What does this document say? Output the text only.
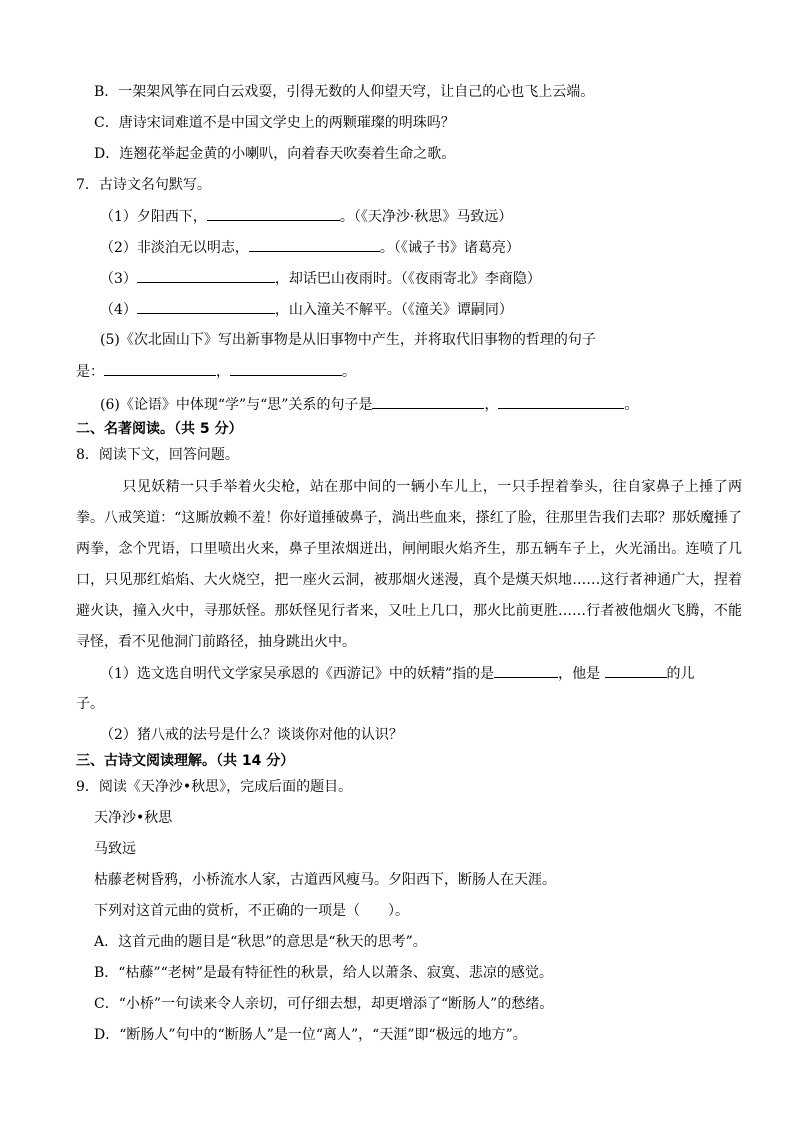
B．一架架风筝在同白云戏耍，引得无数的人仰望天穹，让自己的心也飞上云端。
C．唐诗宋词难道不是中国文学史上的两颗璀璨的明珠吗？
D．连翘花举起金黄的小喇叭，向着春天吹奏着生命之歌。
7．古诗文名句默写。
（1）夕阳西下，	。（《天净沙·秋思》马致远）
（2）非淡泊无以明志，	。（《诫子书》诸葛亮）
（3）	，却话巴山夜雨时。（《夜雨寄北》李商隐）
（4）	，山入潼关不解平。（《潼关》谭嗣同）
(5)《次北固山下》写出新事物是从旧事物中产生，并将取代旧事物的哲理的句子
是：	，	。
(6)《论语》中体现“学”与“思”关系的句子是	，	。
二、名著阅读。（共 5 分）
8．阅读下文，回答问题。
只见妖精一只手举着火尖枪，站在那中间的一辆小车儿上，一只手捏着拳头，往自家鼻子上捶了两拳。八戒笑道：“这厮放赖不羞！你好道捶破鼻子，淌出些血来，搽红了脸，往那里告我们去耶？那妖魔捶了两拳，念个咒语，口里喷出火来，鼻子里浓烟迸出，闸闸眼火焰齐生，那五辆车子上，火光涌出。连喷了几口，只见那红焰焰、大火烧空，把一座火云洞，被那烟火迷漫，真个是熯天炽地……这行者神通广大，捏着避火诀，撞入火中，寻那妖怪。那妖怪见行者来，又吐上几口，那火比前更胜……行者被他烟火飞腾，不能寻怪，看不见他洞门前路径，抽身跳出火中。
（1）选文选自明代文学家吴承恩的《西游记》中的妖精”指的是	，他是	的儿
子。
（2）猪八戒的法号是什么？谈谈你对他的认识？
三、古诗文阅读理解。（共 14 分）
9．阅读《天净沙•秋思》，完成后面的题目。
天净沙•秋思
马致远
枯藤老树昏鸦，小桥流水人家，古道西风瘦马。夕阳西下，断肠人在天涯。
下列对这首元曲的赏析，不正确的一项是（　　）。
A．这首元曲的题目是“秋思”的意思是“秋天的思考”。
B．“枯藤”“老树”是最有特征性的秋景，给人以萧条、寂寞、悲凉的感觉。
C．“小桥”一句读来令人亲切，可仔细去想，却更增添了“断肠人”的愁绪。
D．“断肠人”句中的“断肠人”是一位“离人”，“天涯”即“极远的地方”。
